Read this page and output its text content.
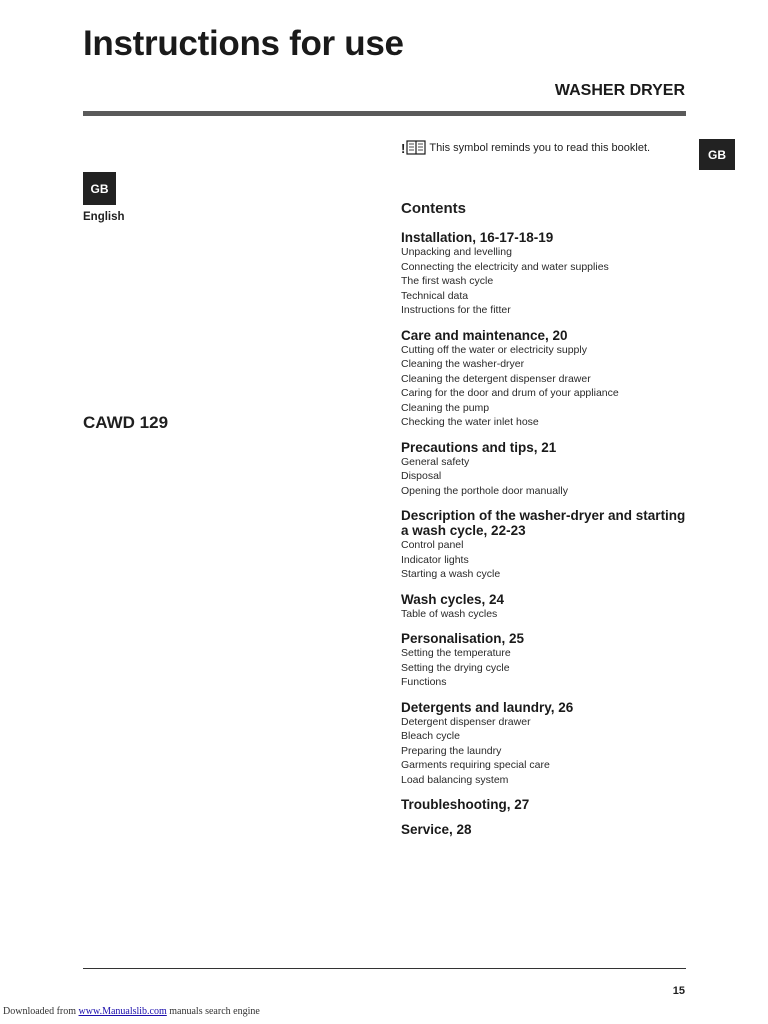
Instructions for use
WASHER DRYER
GB
English
GB
CAWD 129
! This symbol reminds you to read this booklet.
Contents
Installation, 16-17-18-19
Unpacking and levelling
Connecting the electricity and water supplies
The first wash cycle
Technical data
Instructions for the fitter
Care and maintenance, 20
Cutting off the water or electricity supply
Cleaning the washer-dryer
Cleaning the detergent dispenser drawer
Caring for the door and drum of your appliance
Cleaning the pump
Checking the water inlet hose
Precautions and tips, 21
General safety
Disposal
Opening the porthole door manually
Description of the washer-dryer and starting a wash cycle, 22-23
Control panel
Indicator lights
Starting a wash cycle
Wash cycles, 24
Table of wash cycles
Personalisation, 25
Setting the temperature
Setting the drying cycle
Functions
Detergents and laundry, 26
Detergent dispenser drawer
Bleach cycle
Preparing the laundry
Garments requiring special care
Load balancing system
Troubleshooting, 27
Service, 28
15
Downloaded from www.Manualslib.com manuals search engine
